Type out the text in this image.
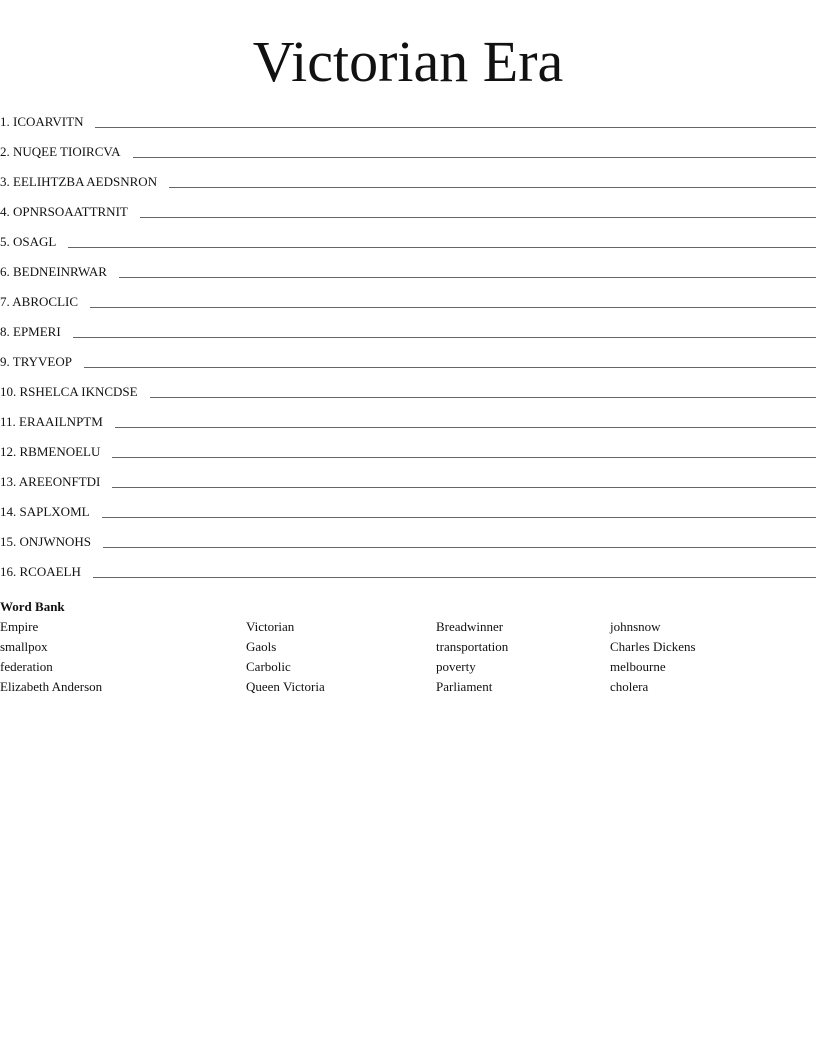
Victorian Era
1. ICOARVITN
2. NUQEE TIOIRCVA
3. EELIHTZBA AEDSNRON
4. OPNRSOAATTRNIT
5. OSAGL
6. BEDNEINRWAR
7. ABROCLIC
8. EPMERI
9. TRYVEOP
10. RSHELCA IKNCDSE
11. ERAAILNPTM
12. RBMENOELU
13. AREEONFTDI
14. SAPLXOML
15. ONJWNOHS
16. RCOAELH
Word Bank
Empire	Victorian	Breadwinner	johnsnow
smallpox	Gaols	transportation	Charles Dickens
federation	Carbolic	poverty	melbourne
Elizabeth Anderson	Queen Victoria	Parliament	cholera
